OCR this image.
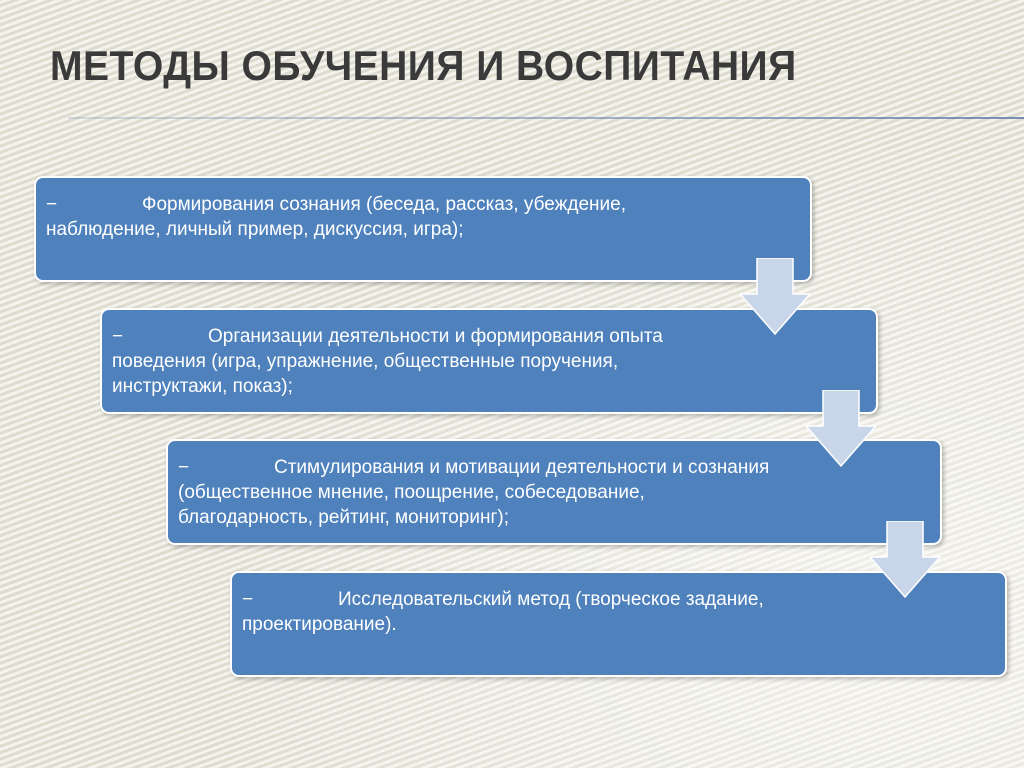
МЕТОДЫ ОБУЧЕНИЯ И ВОСПИТАНИЯ
−	Формирования сознания (беседа, рассказ, убеждение, наблюдение, личный пример, дискуссия, игра);
−	Организации деятельности и формирования опыта поведения (игра, упражнение, общественные поручения, инструктажи, показ);
−	Стимулирования и мотивации деятельности и сознания (общественное мнение, поощрение, собеседование, благодарность, рейтинг, мониторинг);
−	Исследовательский метод (творческое задание, проектирование).
